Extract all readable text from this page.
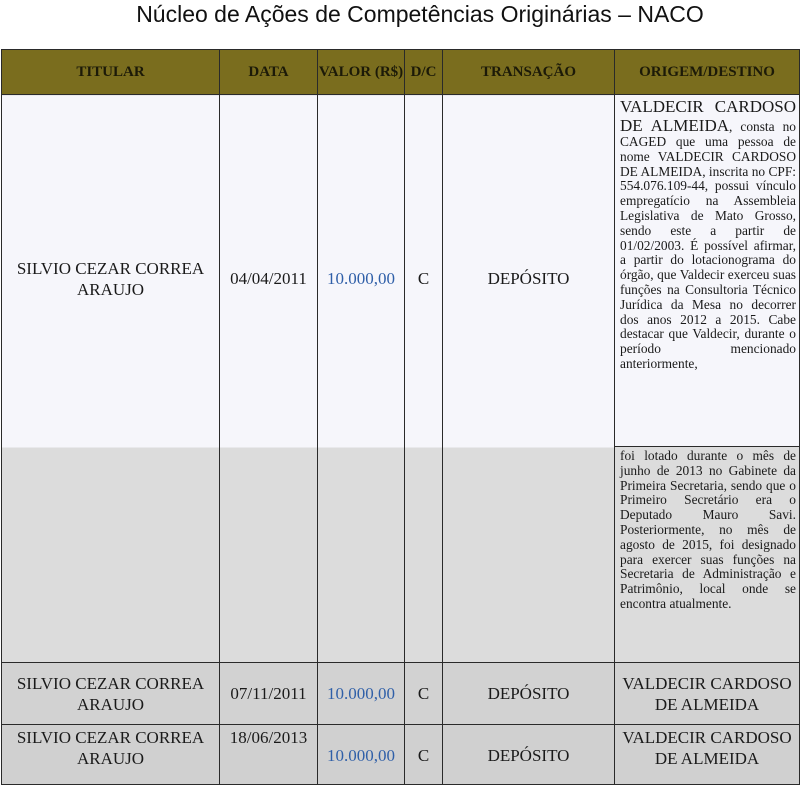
Núcleo de Ações de Competências Originárias – NACO
TITULAR	DATA	VALOR (R$)	D/C	TRANSAÇÃO	ORIGEM/DESTINO

SILVIO CEZAR CORREA ARAUJO	04/04/2011	10.000,00	C	DEPÓSITO	VALDECIR CARDOSO DE ALMEIDA, consta no CAGED que uma pessoa de nome VALDECIR CARDOSO DE ALMEIDA, inscrita no CPF: 554.076.109-44, possui vínculo empregatício na Assembleia Legislativa de Mato Grosso, sendo este a partir de 01/02/2003. É possível afirmar, a partir do lotacionograma do órgão, que Valdecir exerceu suas funções na Consultoria Técnico Jurídica da Mesa no decorrer dos anos 2012 a 2015. Cabe destacar que Valdecir, durante o período mencionado anteriormente,
					foi lotado durante o mês de junho de 2013 no Gabinete da Primeira Secretaria, sendo que o Primeiro Secretário era o Deputado Mauro Savi. Posteriormente, no mês de agosto de 2015, foi designado para exercer suas funções na Secretaria de Administração e Patrimônio, local onde se encontra atualmente.
SILVIO CEZAR CORREA ARAUJO	07/11/2011	10.000,00	C	DEPÓSITO	VALDECIR CARDOSO DE ALMEIDA
SILVIO CEZAR CORREA ARAUJO	18/06/2013	10.000,00	C	DEPÓSITO	VALDECIR CARDOSO DE ALMEIDA
